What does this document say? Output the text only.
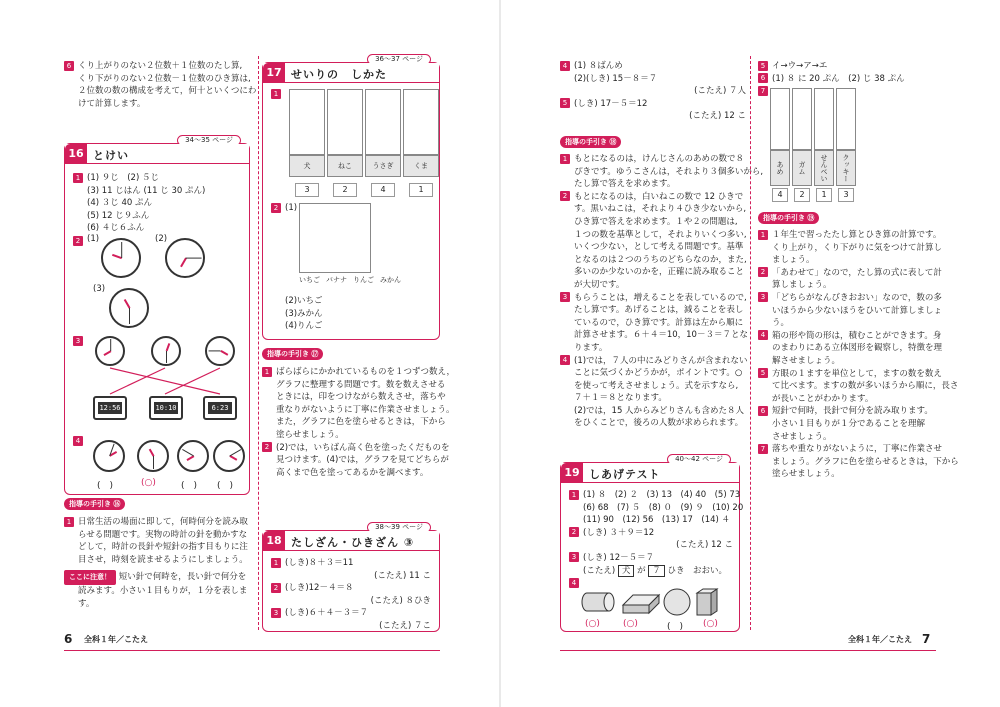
6 くり上がりのない２位数＋１位数のたし算,
くり下がりのない２位数－１位数のひき算は,
２位数の数の構成を考えて，何十といくつにわ
けて計算します。
34〜35 ページ
16 とけい
1 (1) ９じ　(2) ５じ
(3) 11 じはん (11 じ 30 ぷん)
(4) ３じ 40 ぷん
(5) 12 じ９ふん
(6) ４じ６ふん
2 (1)	(2)
(3)
3
12:56	10:10	6:23
4
(　)	(○)	(　) (　)
指導の手引き ⑯
1 日常生活の場面に即して，何時何分を読み取
らせる問題です。実物の時計の針を動かすな
どして，時計の長針や短針の指す目もりに注
目させ，時刻を読ませるようにしましょう。
ここに注意！ 短い針で何時を，長い針で何分を
読みます。小さい１目もりが，１分を表しま
す。
36〜37 ページ
17 せいりの　しかた
1
犬	ねこ	うさぎ	くま
3	2	4	1
2 (1)
いちご バナナ りんご みかん
(2)いちご
(3)みかん
(4)りんご
指導の手引き ⑰
1 ばらばらにかかれているものを１つずつ数え，
グラフに整理する問題です。数を数えさせる
ときには，印をつけながら数えさせ，落ちや
重なりがないように丁寧に作業させましょう。
また，グラフに色を塗らせるときは，下から
塗らせましょう。
2 (2)では，いちばん高く色を塗ったくだものを
見つけます。(4)では，グラフを見てどちらが
高くまで色を塗ってあるかを調べます。
38〜39 ページ
18 たしざん・ひきざん ③
1 (しき)８＋３＝11
(こたえ) 11 こ
2 (しき)12－４＝８
(こたえ) ８ひき
3 (しき)６＋４－３＝７
(こたえ) ７こ
6 全科１年／こたえ
4 (1) ８ばんめ
(2)(しき) 15－８＝７
(こたえ) ７人
5 (しき) 17－５＝12
(こたえ) 12 こ
指導の手引き ⑱
1 もとになるのは，けんじさんのあめの数で８
ぴきです。ゆうこさんは，それより３個多いから,
たし算で答えを求めます。
2 もとになるのは，白いねこの数で 12 ひきで
す。黒いねこは，それより４ひき少ないから,
ひき算で答えを求めます。１や２の問題は,
１つの数を基準として，それよりいくつ多い,
いくつ少ない，として考える問題です。基準
となるのは２つのうちのどちらなのか，また,
多いのか少ないのかを，正確に読み取ること
が大切です。
3 もらうことは，増えることを表しているので,
たし算です。あげることは，減ることを表し
ているので，ひき算です。計算は左から順に
計算させます。６＋４＝10，10－３＝７とな
ります。
4 (1)では，７人の中にみどりさんが含まれない
ことに気づくかどうかが，ポイントです。○
を使って考えさせましょう。式を示すなら,
７＋１＝８となります。
(2)では，15 人からみどりさんも含めた８人
をひくことで，後ろの人数が求められます。
40〜42 ページ
19 しあげテスト
1 (1) ８　(2) ２　(3) 13　(4) 40　(5) 73
(6) 68　(7) ５　(8) ０　(9) ９　(10) 20
(11) 90　(12) 56　(13) 17　(14) ４
2 (しき) ３＋９＝12
(こたえ) 12 こ
3 (しき) 12－５＝７
(こたえ) 犬 が ７ ひき　おおい。
4
(○)	(○)	(　) (○)
5 イ→ウ→ア→エ
6 (1) ８ に 20 ぷん　(2) じ 38 ぷん
7
あめ	ガム	せんべい	クッキー
4	2	1	3
指導の手引き ⑲
1 １年生で習ったたし算とひき算の計算です。
くり上がり，くり下がりに気をつけて計算し
ましょう。
2 「あわせて」なので，たし算の式に表して計
算しましょう。
3 「どちらがなんびきおおい」なので，数の多
いほうから少ないほうをひいて計算しましょ
う。
4 箱の形や筒の形は，積むことができます。身
のまわりにある立体図形を観察し，特徴を理
解させましょう。
5 方眼の１ますを単位として，ますの数を数え
て比べます。ますの数が多いほうから順に，長さ
が長いことがわかります。
6 短針で何時，長針で何分を読み取ります。
小さい１目もりが１分であることを理解
させましょう。
7 落ちや重なりがないように，丁寧に作業させ
ましょう。グラフに色を塗らせるときは，下から
塗らせましょう。
全科１年／こたえ 7
